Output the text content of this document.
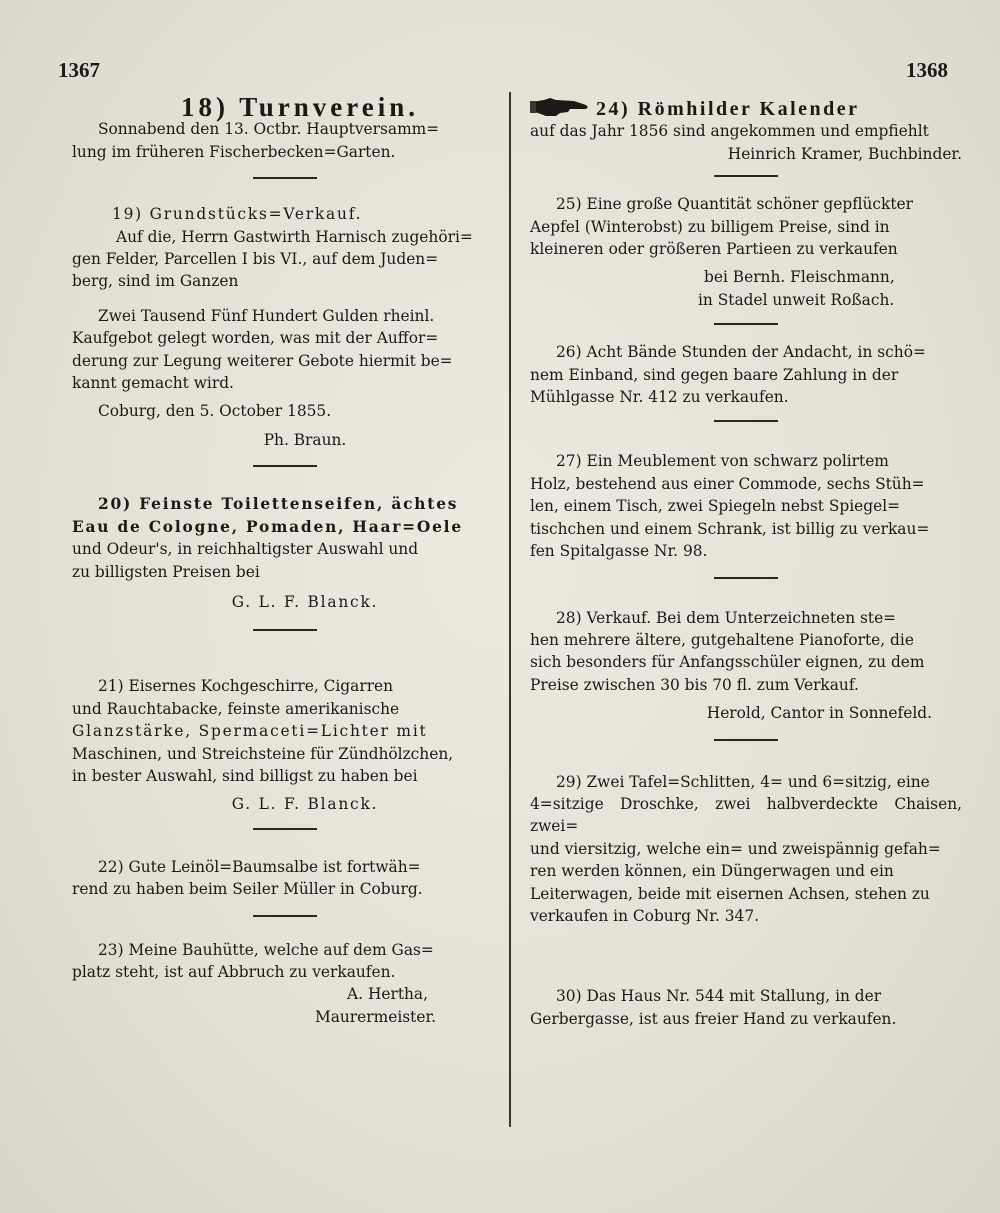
1367	1368

18) Turnverein.

Sonnabend den 13. Octbr. Hauptversamm=

lung im früheren Fischerbecken=Garten.

19) Grundstücks=Verkauf.

Auf die, Herrn Gastwirth Harnisch zugehöri=

gen Felder, Parcellen I bis VI., auf dem Juden=

berg, sind im Ganzen

Zwei Tausend Fünf Hundert Gulden rheinl.

Kaufgebot gelegt worden, was mit der Auffor=

derung zur Legung weiterer Gebote hiermit be=

kannt gemacht wird.

Coburg, den 5. October 1855.

Ph. Braun.

20) Feinste Toilettenseifen, ächtes

Eau de Cologne, Pomaden, Haar=Oele

und Odeur's, in reichhaltigster Auswahl und

zu billigsten Preisen bei

G. L. F. Blanck.

21) Eisernes Kochgeschirre, Cigarren

und Rauchtabacke, feinste amerikanische

Glanzstärke, Spermaceti=Lichter mit

Maschinen, und Streichsteine für Zündhölzchen,

in bester Auswahl, sind billigst zu haben bei

G. L. F. Blanck.

22) Gute Leinöl=Baumsalbe ist fortwäh=

rend zu haben beim Seiler Müller in Coburg.

23) Meine Bauhütte, welche auf dem Gas=

platz steht, ist auf Abbruch zu verkaufen.

A. Hertha,

Maurermeister.

24) Römhilder Kalender

auf das Jahr 1856 sind angekommen und empfiehlt

Heinrich Kramer, Buchbinder.

25) Eine große Quantität schöner gepflückter

Aepfel (Winterobst) zu billigem Preise, sind in

kleineren oder größeren Partieen zu verkaufen

bei Bernh. Fleischmann,

in Stadel unweit Roßach.

26) Acht Bände Stunden der Andacht, in schö=

nem Einband, sind gegen baare Zahlung in der

Mühlgasse Nr. 412 zu verkaufen.

27) Ein Meublement von schwarz polirtem

Holz, bestehend aus einer Commode, sechs Stüh=

len, einem Tisch, zwei Spiegeln nebst Spiegel=

tischchen und einem Schrank, ist billig zu verkau=

fen Spitalgasse Nr. 98.

28) Verkauf. Bei dem Unterzeichneten ste=

hen mehrere ältere, gutgehaltene Pianoforte, die

sich besonders für Anfangsschüler eignen, zu dem

Preise zwischen 30 bis 70 fl. zum Verkauf.

Herold, Cantor in Sonnefeld.

29) Zwei Tafel=Schlitten, 4= und 6=sitzig, eine

4=sitzige Droschke, zwei halbverdeckte Chaisen, zwei=

und viersitzig, welche ein= und zweispännig gefah=

ren werden können, ein Düngerwagen und ein

Leiterwagen, beide mit eisernen Achsen, stehen zu

verkaufen in Coburg Nr. 347.

30) Das Haus Nr. 544 mit Stallung, in der

Gerbergasse, ist aus freier Hand zu verkaufen.
